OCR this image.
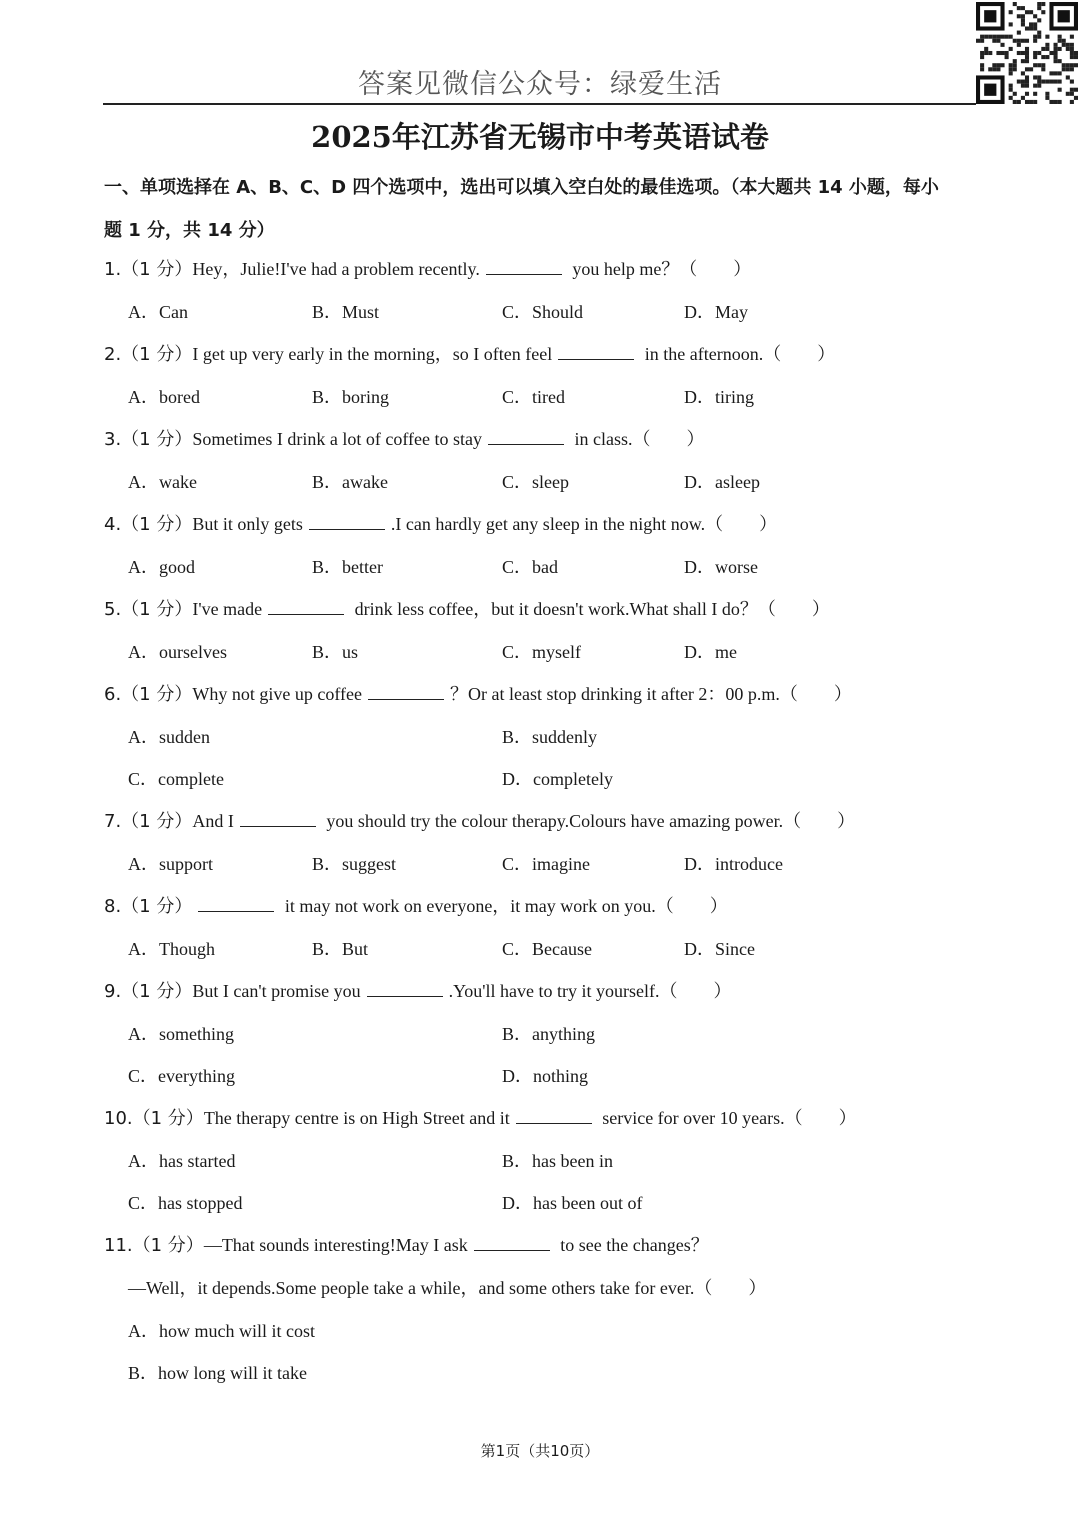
答案见微信公众号：绿爱生活
2025年江苏省无锡市中考英语试卷
一、单项选择在 A、B、C、D 四个选项中，选出可以填入空白处的最佳选项。（本大题共 14 小题，每小
题 1 分，共 14 分）
1.（1 分）Hey，Julie!I've had a problem recently.	you help me？（　　）
A．Can	B．Must	C．Should	D．May
2.（1 分）I get up very early in the morning，so I often feel	in the afternoon.（　　）
A．bored	B．boring	C．tired	D．tiring
3.（1 分）Sometimes I drink a lot of coffee to stay	in class.（　　）
A．wake	B．awake	C．sleep	D．asleep
4.（1 分）But it only gets	.I can hardly get any sleep in the night now.（　　）
A．good	B．better	C．bad	D．worse
5.（1 分）I've made	drink less coffee，but it doesn't work.What shall I do？（　　）
A．ourselves	B．us	C．myself	D．me
6.（1 分）Why not give up coffee	？Or at least stop drinking it after 2：00 p.m.（　　）
A．sudden	B．suddenly
C．complete	D．completely
7.（1 分）And I	you should try the colour therapy.Colours have amazing power.（　　）
A．support	B．suggest	C．imagine	D．introduce
8.（1 分）	it may not work on everyone，it may work on you.（　　）
A．Though	B．But	C．Because	D．Since
9.（1 分）But I can't promise you	.You'll have to try it yourself.（　　）
A．something	B．anything
C．everything	D．nothing
10.（1 分）The therapy centre is on High Street and it	service for over 10 years.（　　）
A．has started	B．has been in
C．has stopped	D．has been out of
11.（1 分）—That sounds interesting!May I ask	to see the changes？
—Well，it depends.Some people take a while，and some others take for ever.（　　）
A．how much will it cost
B．how long will it take
第1页（共10页）
